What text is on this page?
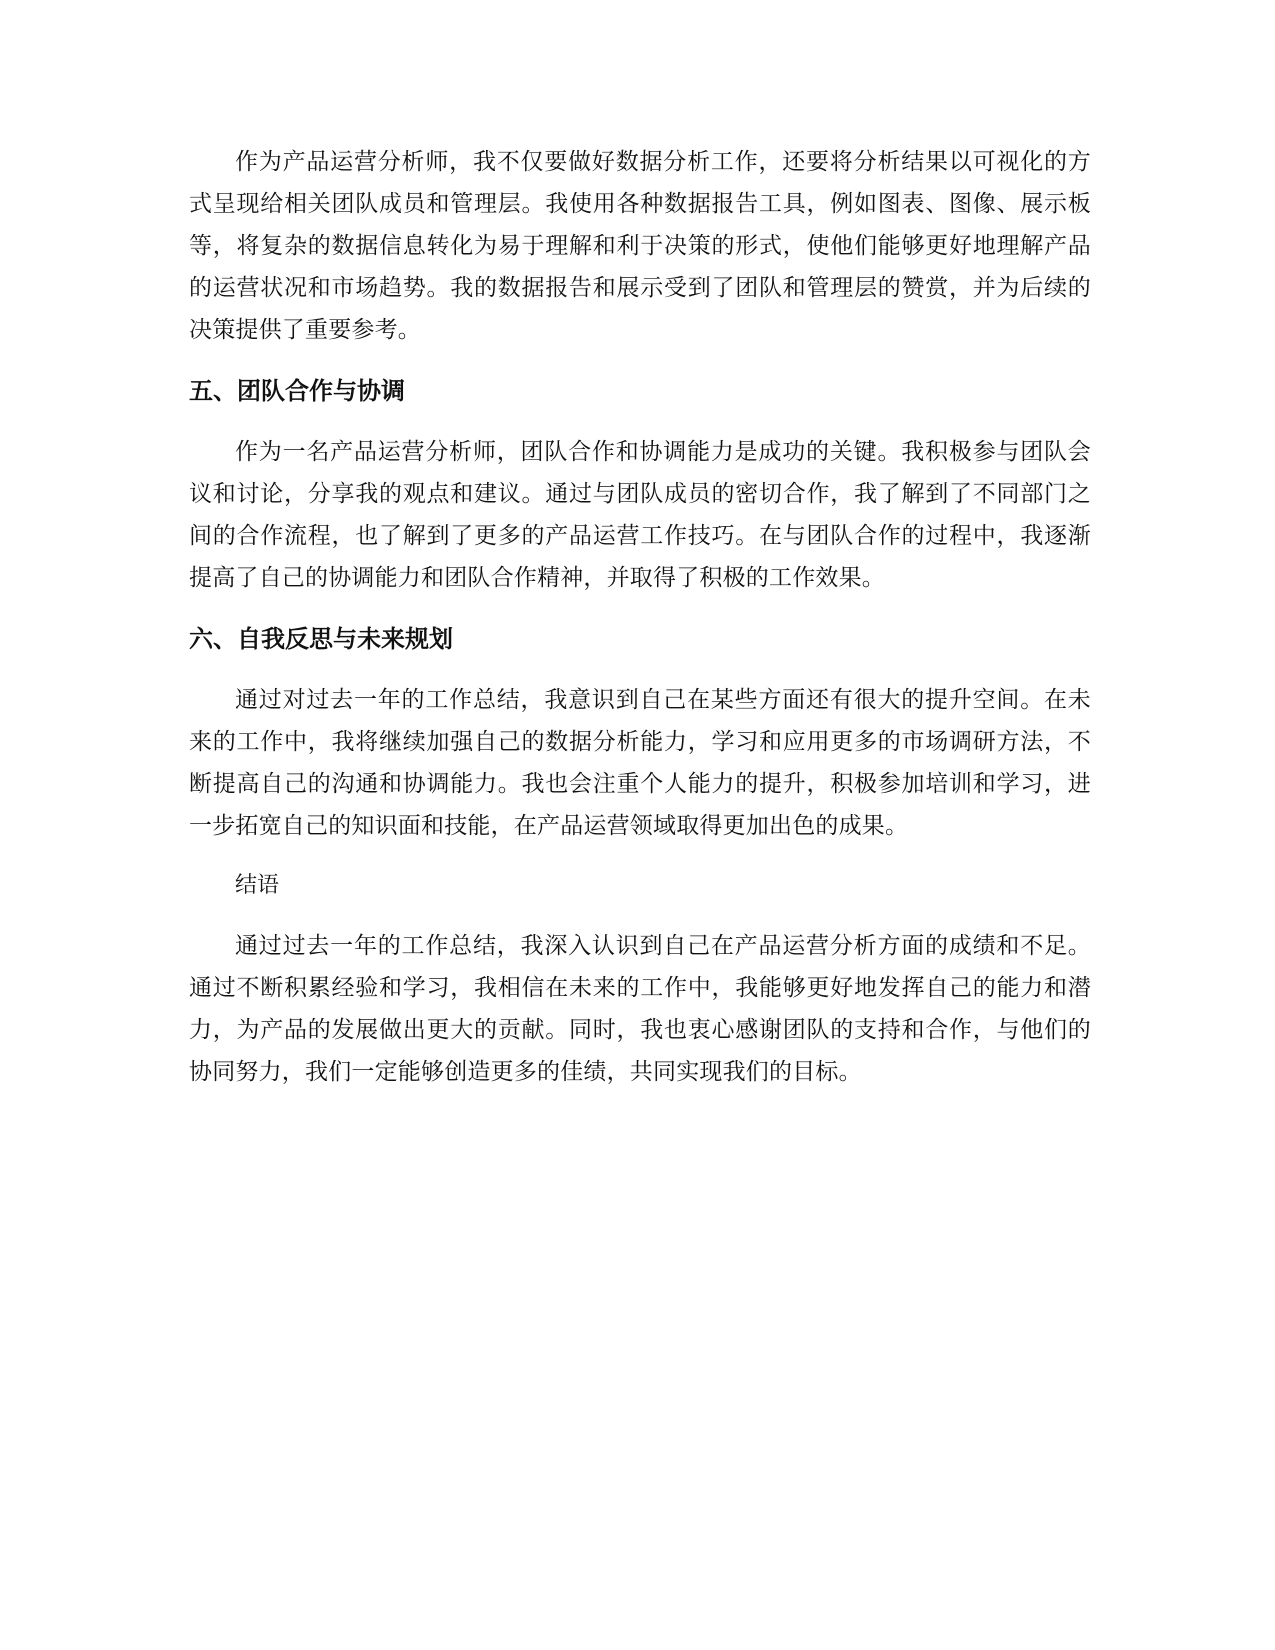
作为产品运营分析师，我不仅要做好数据分析工作，还要将分析结果以可视化的方式呈现给相关团队成员和管理层。我使用各种数据报告工具，例如图表、图像、展示板等，将复杂的数据信息转化为易于理解和利于决策的形式，使他们能够更好地理解产品的运营状况和市场趋势。我的数据报告和展示受到了团队和管理层的赞赏，并为后续的决策提供了重要参考。

五、团队合作与协调

作为一名产品运营分析师，团队合作和协调能力是成功的关键。我积极参与团队会议和讨论，分享我的观点和建议。通过与团队成员的密切合作，我了解到了不同部门之间的合作流程，也了解到了更多的产品运营工作技巧。在与团队合作的过程中，我逐渐提高了自己的协调能力和团队合作精神，并取得了积极的工作效果。

六、自我反思与未来规划

通过对过去一年的工作总结，我意识到自己在某些方面还有很大的提升空间。在未来的工作中，我将继续加强自己的数据分析能力，学习和应用更多的市场调研方法，不断提高自己的沟通和协调能力。我也会注重个人能力的提升，积极参加培训和学习，进一步拓宽自己的知识面和技能，在产品运营领域取得更加出色的成果。

结语

通过过去一年的工作总结，我深入认识到自己在产品运营分析方面的成绩和不足。通过不断积累经验和学习，我相信在未来的工作中，我能够更好地发挥自己的能力和潜力，为产品的发展做出更大的贡献。同时，我也衷心感谢团队的支持和合作，与他们的协同努力，我们一定能够创造更多的佳绩，共同实现我们的目标。
